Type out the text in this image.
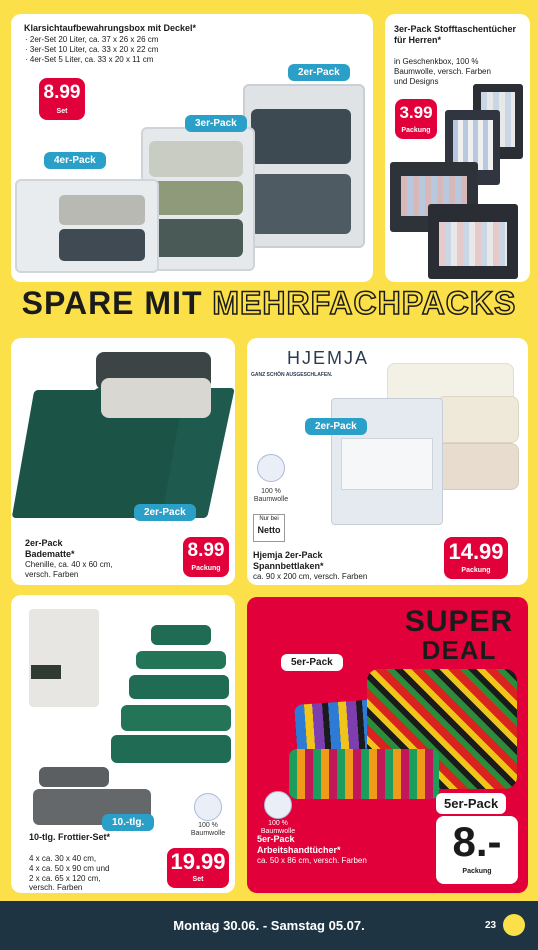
Klarsichtaufbewahrungsbox mit Deckel*
· 2er-Set 20 Liter, ca. 37 x 26 x 26 cm
· 3er-Set 10 Liter, ca. 33 x 20 x 22 cm
· 4er-Set 5 Liter, ca. 33 x 20 x 11 cm
8.99
Set
2er-Pack
3er-Pack
4er-Pack
3er-Pack Stofftaschentücher für Herren*
in Geschenkbox, 100 %
Baumwolle, versch. Farben
und Designs
3.99
Packung
SPARE MIT MEHRFACHPACKS
2er-Pack
2er-Pack Badematte*
Chenille, ca. 40 x 60 cm,
versch. Farben
8.99
Packung
HJEMJA
GANZ SCHÖN AUSGESCHLAFEN.
2er-Pack
100 % Baumwolle
Nur bei
Netto
Hjemja 2er-Pack Spannbettlaken*
ca. 90 x 200 cm, versch. Farben
14.99
Packung
10.-tlg.	100 % Baumwolle
10-tlg. Frottier-Set*
4 x ca. 30 x 40 cm,
4 x ca. 50 x 90 cm und
2 x ca. 65 x 120 cm,
versch. Farben
19.99
Set
SUPER
DEAL
5er-Pack
5er-Pack
100 % Baumwolle
5er-Pack Arbeitshandtücher*
ca. 50 x 86 cm, versch. Farben	8.-
Packung
Montag 30.06. - Samstag 05.07.	23
